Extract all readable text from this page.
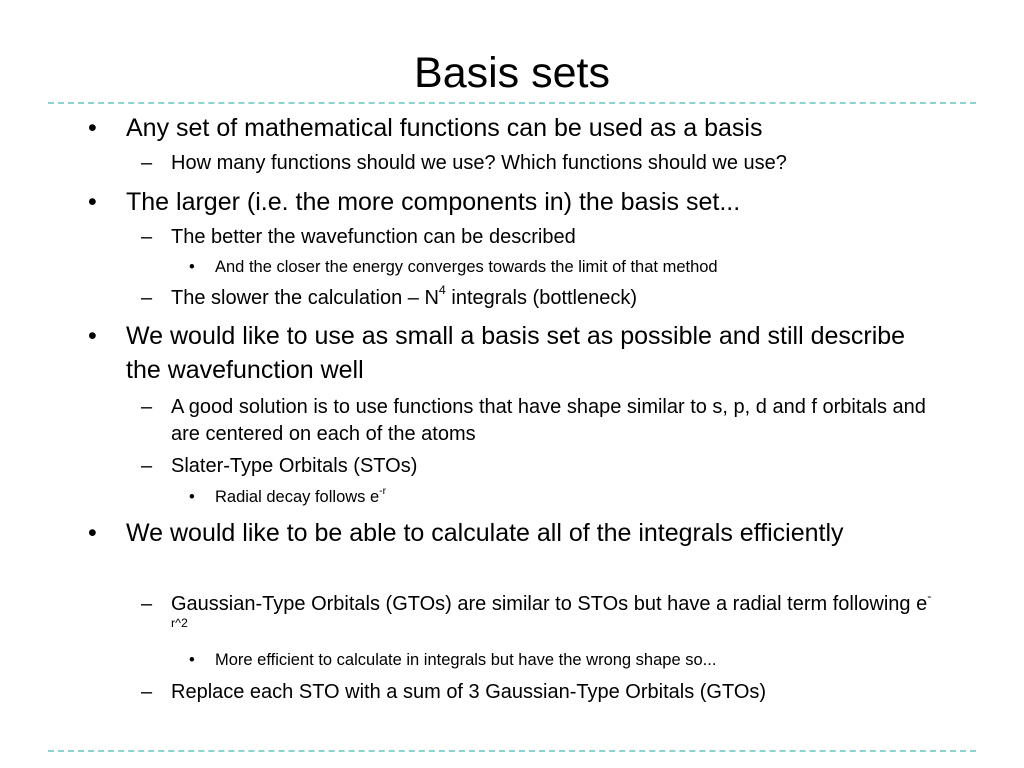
Basis sets

• Any set of mathematical functions can be used as a basis

– How many functions should we use? Which functions should we use?

• The larger (i.e. the more components in) the basis set...

– The better the wavefunction can be described

• And the closer the energy converges towards the limit of that method

– The slower the calculation – $N^4$ integrals (bottleneck)

• We would like to use as small a basis set as possible and still describe the wavefunction well

– A good solution is to use functions that have shape similar to s, p, d and f orbitals and are centered on each of the atoms

– Slater-Type Orbitals (STOs)

• Radial decay follows $e^{-r}$

• We would like to be able to calculate all of the integrals efficiently

– Gaussian-Type Orbitals (GTOs) are similar to STOs but have a radial term following $e^{-r\^{}2}$

• More efficient to calculate in integrals but have the wrong shape so...

– Replace each STO with a sum of 3 Gaussian-Type Orbitals (GTOs)
